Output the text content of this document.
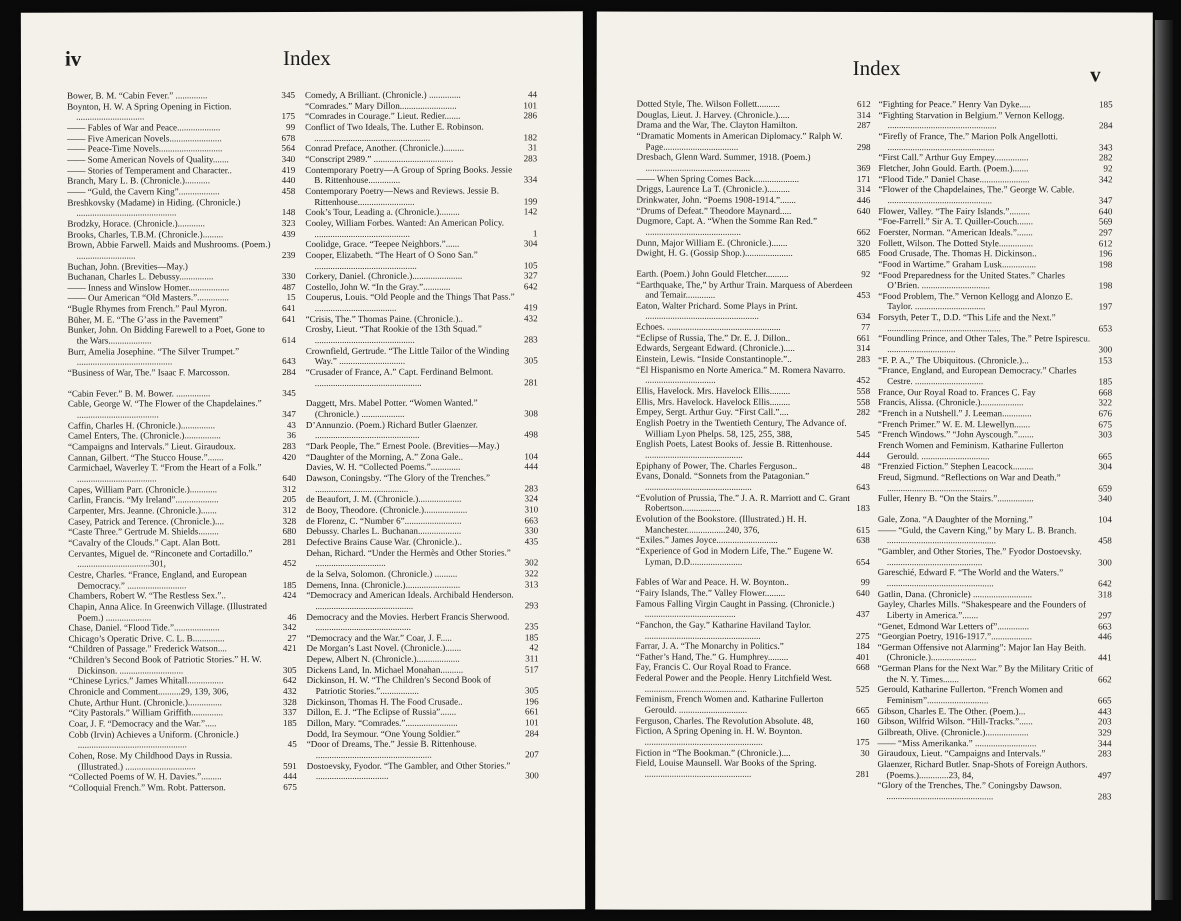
iv	Index
Bower, B. M. “Cabin Fever.” ..............	345
Boynton, H. W. A Spring Opening in Fiction. ..............................	175
—— Fables of War and Peace...................	99
—— Five American Novels.......................	678
—— Peace-Time Novels............................	564
—— Some American Novels of Quality.......	340
—— Stories of Temperament and Character..	419
Branch, Mary L. B. (Chronicle.)...........	440
—— “Guld, the Cavern King”..................	458
Breshkovsky (Madame) in Hiding. (Chronicle.) ............................................	148
Brodzky, Horace. (Chronicle.)............	323
Brooks, Charles, T.B.M. (Chronicle.).........	439
Brown, Abbie Farwell. Maids and Mushrooms. (Poem.) ..........................	239
Buchan, John. (Brevities—May.)
Buchanan, Charles L. Debussy...............	330
—— Inness and Winslow Homer..................	487
—— Our American “Old Masters.”..............	15
“Bugle Rhymes from French.” Paul Myron.	641
Büher, M. E. “The G’ass in the Pavement”	641
Bunker, John. On Bidding Farewell to a Poet, Gone to the Wars...................	614
Burr, Amelia Josephine. “The Silver Trumpet.” ..........................................	643
“Business of War, The.” Isaac F. Marcosson.	284
“Cabin Fever.” B. M. Bower. ...............	345
Cable, George W. “The Flower of the Chapdelaines.” ....................................	347
Caffin, Charles H. (Chronicle.)...............	43
Camel Enters, The. (Chronicle.)................	36
“Campaigns and Intervals.” Lieut. Giraudoux.	283
Cannan, Gilbert. “The Stucco House.”.......	420
Carmichael, Waverley T. “From the Heart of a Folk.” ...................................	640
Capes, William Parr. (Chronicle.)............	312
Carlin, Francis. “My Ireland”...................	205
Carpenter, Mrs. Jeanne. (Chronicle.).......	312
Casey, Patrick and Terence. (Chronicle.)....	328
“Caste Three.” Gertrude M. Shields.........	680
“Cavalry of the Clouds.” Capt. Alan Bott.	281
Cervantes, Miguel de. “Rinconete and Cortadillo.” ................................301,	452
Cestre, Charles. “France, England, and European Democracy.” ..........................	185
Chambers, Robert W. “The Restless Sex.”..	424
Chapin, Anna Alice. In Greenwich Village. (Illustrated Poem.) ....................	46
Chase, Daniel. “Flood Tide.”....................	342
Chicago’s Operatic Drive. C. L. B..............	27
“Children of Passage.” Frederick Watson....	421
“Children’s Second Book of Patriotic Stories.” H. W. Dickinson. ............................	305
“Chinese Lyrics.” James Whitall................	642
Chronicle and Comment..........29, 139, 306,	432
Chute, Arthur Hunt. (Chronicle.)...............	328
“City Pastorals.” William Griffith..............	337
Coar, J. F. “Democracy and the War.”.....	185
Cobb (Irvin) Achieves a Uniform. (Chronicle.) ................................................	45
Cohen, Rose. My Childhood Days in Russia. (Illustrated.) ...............................	591
“Collected Poems of W. H. Davies.”.........	444
“Colloquial French.” Wm. Robt. Patterson.	675
Comedy, A Brilliant. (Chronicle.) ..............	44
“Comrades.” Mary Dillon.........................	101
“Comrades in Courage.” Lieut. Redier.......	286
Conflict of Two Ideals, The. Luther E. Robinson. ...................................................	182
Conrad Preface, Another. (Chronicle.).........	31
“Conscript 2989.” ...................................	283
Contemporary Poetry—A Group of Spring Books. Jessie B. Rittenhouse..............	334
Contemporary Poetry—News and Reviews. Jessie B. Rittenhouse.........................	199
Cook’s Tour, Leading a. (Chronicle.).........	142
Cooley, William Forbes. Wanted: An American Policy. ..........................................	1
Coolidge, Grace. “Teepee Neighbors.”......	304
Cooper, Elizabeth. “The Heart of O Sono San.” .............................................	105
Corkery, Daniel. (Chronicle.)......................	327
Costello, John W. “In the Gray.”............	642
Couperus, Louis. “Old People and the Things That Pass.” ....................................	419
“Crisis, The.” Thomas Paine. (Chronicle.)..	432
Crosby, Lieut. “That Rookie of the 13th Squad.” ............................................	283
Crownfield, Gertrude. “The Little Tailor of the Winding Way.” .............................	305
“Crusader of France, A.” Capt. Ferdinand Belmont. ...............................................	281
Daggett, Mrs. Mabel Potter. “Women Wanted.” (Chronicle.) ...................	308
D’Annunzio. (Poem.) Richard Butler Glaenzer. ..............................................	498
“Dark People, The.” Ernest Poole. (Brevities—May.)
“Daughter of the Morning, A.” Zona Gale..	104
Davies, W. H. “Collected Poems.”.............	444
Dawson, Coningsby. “The Glory of the Trenches.” .........................................	283
de Beaufort, J. M. (Chronicle.)...................	324
de Booy, Theodore. (Chronicle.)...................	310
de Florenz, C. “Number 6”.........................	663
Debussy. Charles L. Buchanan...................	330
Defective Brains Cause War. (Chronicle.)..	435
Dehan, Richard. “Under the Hermès and Other Stories.” ...............................	302
de la Selva, Solomon. (Chronicle.) ..........	322
Demens, Inna. (Chronicle.)........................	313
“Democracy and American Ideals. Archibald Henderson. ...........................................	293
Democracy and the Movies. Herbert Francis Sherwood. ..........................................	235
“Democracy and the War.” Coar, J. F.....	185
De Morgan’s Last Novel. (Chronicle.).......	42
Depew, Albert N. (Chronicle.)...................	311
Dickens Land, In. Michael Monahan..........	517
Dickinson, H. W. “The Children’s Second Book of Patriotic Stories.”.................	305
Dickinson, Thomas H. The Food Crusade..	196
Dillon, E. J. “The Eclipse of Russia”.......	661
Dillon, Mary. “Comrades.”.......................	101
Dodd, Ira Seymour. “One Young Soldier.”	284
“Door of Dreams, The.” Jessie B. Rittenhouse. ...................................................	207
Dostoevsky, Fyodor. “The Gambler, and Other Stories.” ................................	300
Index	v
Dotted Style, The. Wilson Follett..........	612
Douglas, Lieut. J. Harvey. (Chronicle.).....	314
Drama and the War, The. Clayton Hamilton.	287
“Dramatic Moments in American Diplomacy.” Ralph W. Page.................................	298
Dresbach, Glenn Ward. Summer, 1918. (Poem.) ..............................................	369
—— When Spring Comes Back....................	171
Driggs, Laurence La T. (Chronicle.)..........	314
Drinkwater, John. “Poems 1908-1914.”.......	446
“Drums of Defeat.” Theodore Maynard.....	640
Dugmore, Capt. A. “When the Somme Ran Red.” ..........................................	662
Dunn, Major William E. (Chronicle.).......	320
Dwight, H. G. (Gossip Shop.).....................	685
Earth. (Poem.) John Gould Fletcher..........	92
“Earthquake, The,” by Arthur Train. Marquess of Aberdeen and Temair.............	453
Eaton, Walter Prichard. Some Plays in Print. ..................................................	634
Echoes. ..................................................	77
“Eclipse of Russia, The.” Dr. E. J. Dillon..	661
Edwards, Sergeant Edward. (Chronicle.).....	314
Einstein, Lewis. “Inside Constantinople.”..	283
“El Hispanismo en Norte America.” M. Romera Navarro. ...............................	452
Ellis, Havelock. Mrs. Havelock Ellis.........	558
Ellis, Mrs. Havelock. Havelock Ellis.........	558
Empey, Sergt. Arthur Guy. “First Call.”....	282
English Poetry in the Twentieth Century, The Advance of. William Lyon Phelps. 58, 125, 255, 388,	545
English Poets, Latest Books of. Jessie B. Rittenhouse. ...........................................	444
Epiphany of Power, The. Charles Ferguson..	48
Evans, Donald. “Sonnets from the Patagonian.” ...............................................	643
“Evolution of Prussia, The.” J. A. R. Marriott and C. Grant Robertson.................	183
Evolution of the Bookstore. (Illustrated.) H. H. Manchester.................240, 376,	615
“Exiles.” James Joyce...........................	638
“Experience of God in Modern Life, The.” Eugene W. Lyman, D.D.......................	654
Fables of War and Peace. H. W. Boynton..	99
“Fairy Islands, The.” Valley Flower.........	640
Famous Falling Virgin Caught in Passing. (Chronicle.) ........................................	437
“Fanchon, the Gay.” Katharine Haviland Taylor. ...................................................	275
Farrar, J. A. “The Monarchy in Politics.”	184
“Father’s Hand, The.” G. Humphrey.........	401
Fay, Francis C. Our Royal Road to France.	668
Federal Power and the People. Henry Litchfield West. .............................................	525
Feminism, French Women and. Katharine Fullerton Gerould. ..............................	665
Ferguson, Charles. The Revolution Absolute. 48,	160
Fiction, A Spring Opening in. H. W. Boynton. ....................................................	175
Fiction in “The Bookman.” (Chronicle.)....	30
Field, Louise Maunsell. War Books of the Spring. ...............................................	281
“Fighting for Peace.” Henry Van Dyke.....	185
“Fighting Starvation in Belgium.” Vernon Kellogg. ................................................	284
“Firefly of France, The.” Marion Polk Angellotti. ...............................................	343
“First Call.” Arthur Guy Empey...............	282
Fletcher, John Gould. Earth. (Poem.).......	92
“Flood Tide.” Daniel Chase......................	342
“Flower of the Chapdelaines, The.” George W. Cable. ..............................................	347
Flower, Valley. “The Fairy Islands.”.........	640
“Foe-Farrell.” Sir A. T. Quiller-Couch.......	569
Foerster, Norman. “American Ideals.”.......	297
Follett, Wilson. The Dotted Style...............	612
Food Crusade, The. Thomas H. Dickinson..	196
“Food in Wartime.” Graham Lusk...............	198
“Food Preparedness for the United States.” Charles O’Brien. ..............................	198
“Food Problem, The.” Vernon Kellogg and Alonzo E. Taylor. ...............................	197
Forsyth, Peter T., D.D. “This Life and the Next.” ..................................................	653
“Foundling Prince, and Other Tales, The.” Petre Ispirescu. ..............................	300
“F. P. A.,” The Ubiquitous. (Chronicle.)...	153
“France, England, and European Democracy.” Charles Cestre. ..............................	185
France, Our Royal Road to. Frances C. Fay	668
Francis, Alissa. (Chronicle.)...................	322
“French in a Nutshell.” J. Leeman.............	676
“French Primer.” W. E. M. Llewellyn.......	675
“French Windows.” “John Ayscough.”.......	303
French Women and Feminism. Katharine Fullerton Gerould. ..............................	665
“Frenzied Fiction.” Stephen Leacock.........	304
Freud, Sigmund. “Reflections on War and Death.” ............................................	659
Fuller, Henry B. “On the Stairs.”................	340
Gale, Zona. “A Daughter of the Morning.”	104
—— “Guld, the Cavern King,” by Mary L. B. Branch. ................................................	458
“Gambler, and Other Stories, The.” Fyodor Dostoevsky. ..........................................	300
Gareschié, Edward F. “The World and the Waters.” ...............................................	642
Gatlin, Dana. (Chronicle) ..........................	318
Gayley, Charles Mills. “Shakespeare and the Founders of Liberty in America.”.......	297
“Genet, Edmond War Letters of”..............	663
“Georgian Poetry, 1916-1917.”..................	446
“German Offensive not Alarming”: Major Ian Hay Beith. (Chronicle.)....................	441
“German Plans for the Next War.” By the Military Critic of the N. Y. Times.......	662
Gerould, Katharine Fullerton. “French Women and Feminism”...........................	665
Gibson, Charles E. The Other. (Poem.)...	443
Gibson, Wilfrid Wilson. “Hill-Tracks.”......	203
Gilbreath, Olive. (Chronicle.)...................	329
—— “Miss Amerikanka.” ...........................	344
Giraudoux, Lieut. “Campaigns and Intervals.”	283
Glaenzer, Richard Butler. Snap-Shots of Foreign Authors. (Poems.).............23, 84,	497
“Glory of the Trenches, The.” Coningsby Dawson. ...............................................	283
